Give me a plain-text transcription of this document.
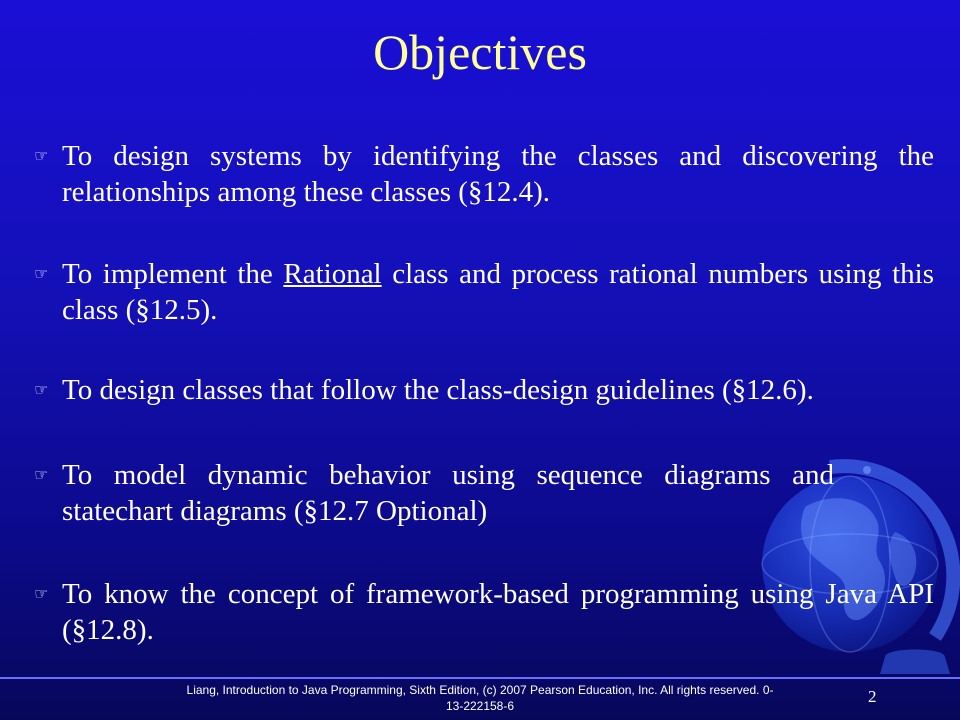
Objectives
☞ To design systems by identifying the classes and discovering the relationships among these classes (§12.4).
☞ To implement the Rational class and process rational numbers using this class (§12.5).
☞ To design classes that follow the class-design guidelines (§12.6).
☞ To model dynamic behavior using sequence diagrams and statechart diagrams (§12.7 Optional)
☞ To know the concept of framework-based programming using Java API (§12.8).
Liang, Introduction to Java Programming, Sixth Edition, (c) 2007 Pearson Education, Inc. All rights reserved. 0-13-222158-6	2
